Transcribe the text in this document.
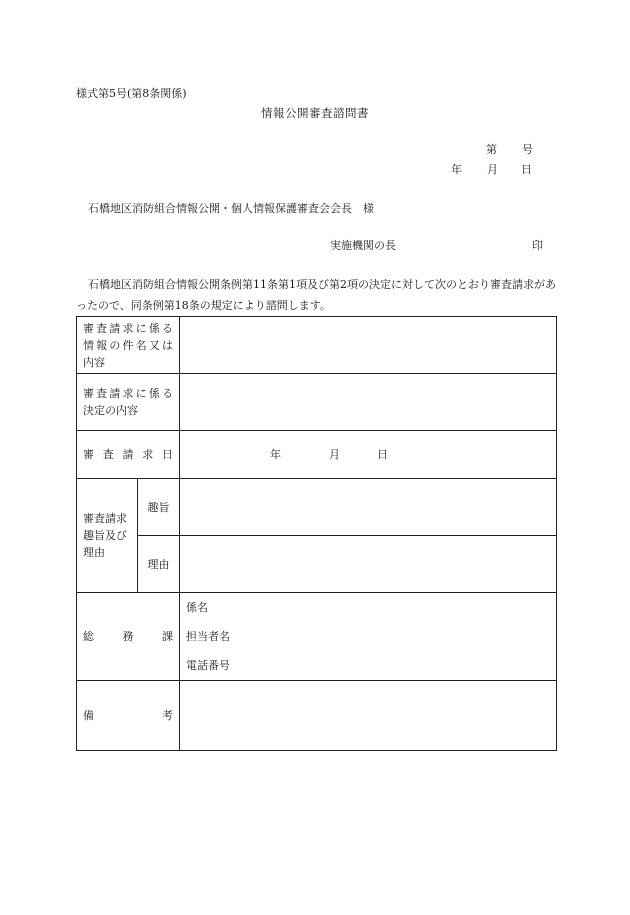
様式第5号(第8条関係)
情報公開審査諮問書
第 号
年 月 日
石橋地区消防組合情報公開・個人情報保護審査会会長　様
実施機関の長	印
石橋地区消防組合情報公開条例第11条第1項及び第2項の決定に対して次のとおり審査請求があったので、同条例第18条の規定により諮問します。
審査請求に係る
情報の件名又は
内容		

審査請求に係る
決定の内容		

審査請求日		年 月 日

審査請求
趣旨及び
理由	趣旨	
	理由	

総務課		係名
担当者名
電話番号

備考		
